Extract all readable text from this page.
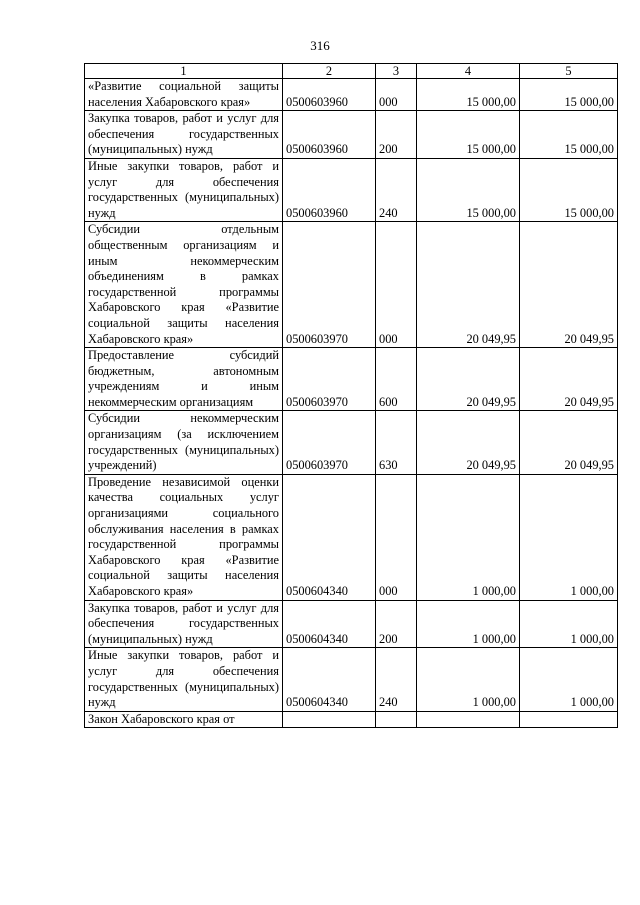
316
1	2	3	4	5
«Развитие социальной защиты населения Хабаровского края»	0500603960	000	15 000,00	15 000,00
Закупка товаров, работ и услуг для обеспечения государственных (муниципальных) нужд	0500603960	200	15 000,00	15 000,00
Иные закупки товаров, работ и услуг для обеспечения государственных (муниципальных) нужд	0500603960	240	15 000,00	15 000,00
Субсидии отдельным общественным организациям и иным некоммерческим объединениям в рамках государственной программы Хабаровского края «Развитие социальной защиты населения Хабаровского края»	0500603970	000	20 049,95	20 049,95
Предоставление субсидий бюджетным, автономным учреждениям и иным некоммерческим организациям	0500603970	600	20 049,95	20 049,95
Субсидии некоммерческим организациям (за исключением государственных (муниципальных) учреждений)	0500603970	630	20 049,95	20 049,95
Проведение независимой оценки качества социальных услуг организациями социального обслуживания населения в рамках государственной программы Хабаровского края «Развитие социальной защиты населения Хабаровского края»	0500604340	000	1 000,00	1 000,00
Закупка товаров, работ и услуг для обеспечения государственных (муниципальных) нужд	0500604340	200	1 000,00	1 000,00
Иные закупки товаров, работ и услуг для обеспечения государственных (муниципальных) нужд	0500604340	240	1 000,00	1 000,00
Закон Хабаровского края от				
